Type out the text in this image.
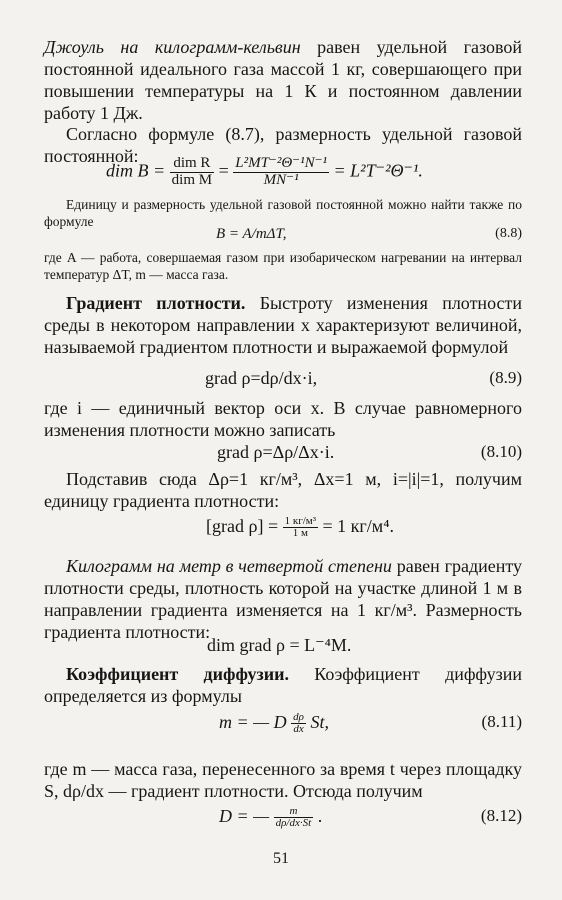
Джоуль на килограмм-кельвин равен удельной газовой постоянной идеального газа массой 1 кг, совершающего при повышении температуры на 1 К и постоянном давлении работу 1 Дж.

Согласно формуле (8.7), размерность удельной газовой постоянной:

dim $B = \frac{\text{dim R}}{\text{dim M}} = \frac{\text{L²MT⁻²Θ⁻¹N⁻¹}}{\text{MN⁻¹}} = L^2T^{-2}\Theta^{-1}$.

Единицу и размерность удельной газовой постоянной можно найти также по формуле

B = A/mΔT,	(8.8)

где A — работа, совершаемая газом при изобарическом нагревании на интервал температур ΔT, m — масса газа.

Градиент плотности. Быстроту изменения плотности среды в некотором направлении x характеризуют величиной, называемой градиентом плотности и выражаемой формулой

grad ρ=dρ/dx·i,	(8.9)

где i — единичный вектор оси x. В случае равномерного изменения плотности можно записать

grad ρ=Δρ/Δx·i.	(8.10)

Подставив сюда Δρ=1 кг/м³, Δx=1 м, i=|i|=1, получим единицу градиента плотности:

[grad $\rho] = \frac{\text{1 кг/м³}}{1 м} = 1$ кг/м⁴.

Килограмм на метр в четвертой степени равен градиенту плотности среды, плотность которой на участке длиной 1 м в направлении градиента изменяется на 1 кг/м³. Размерность градиента плотности:

dim grad ρ = L⁻⁴M.

Коэффициент диффузии. Коэффициент диффузии определяется из формулы

m = — D $\frac{d\rho}{dx} St$,	(8.11)

где m — масса газа, перенесенного за время t через площадку S, dρ/dx — градиент плотности. Отсюда получим

D = — $\frac{m}{d\rho/dx\cdot St}$ .	(8.12)
51
